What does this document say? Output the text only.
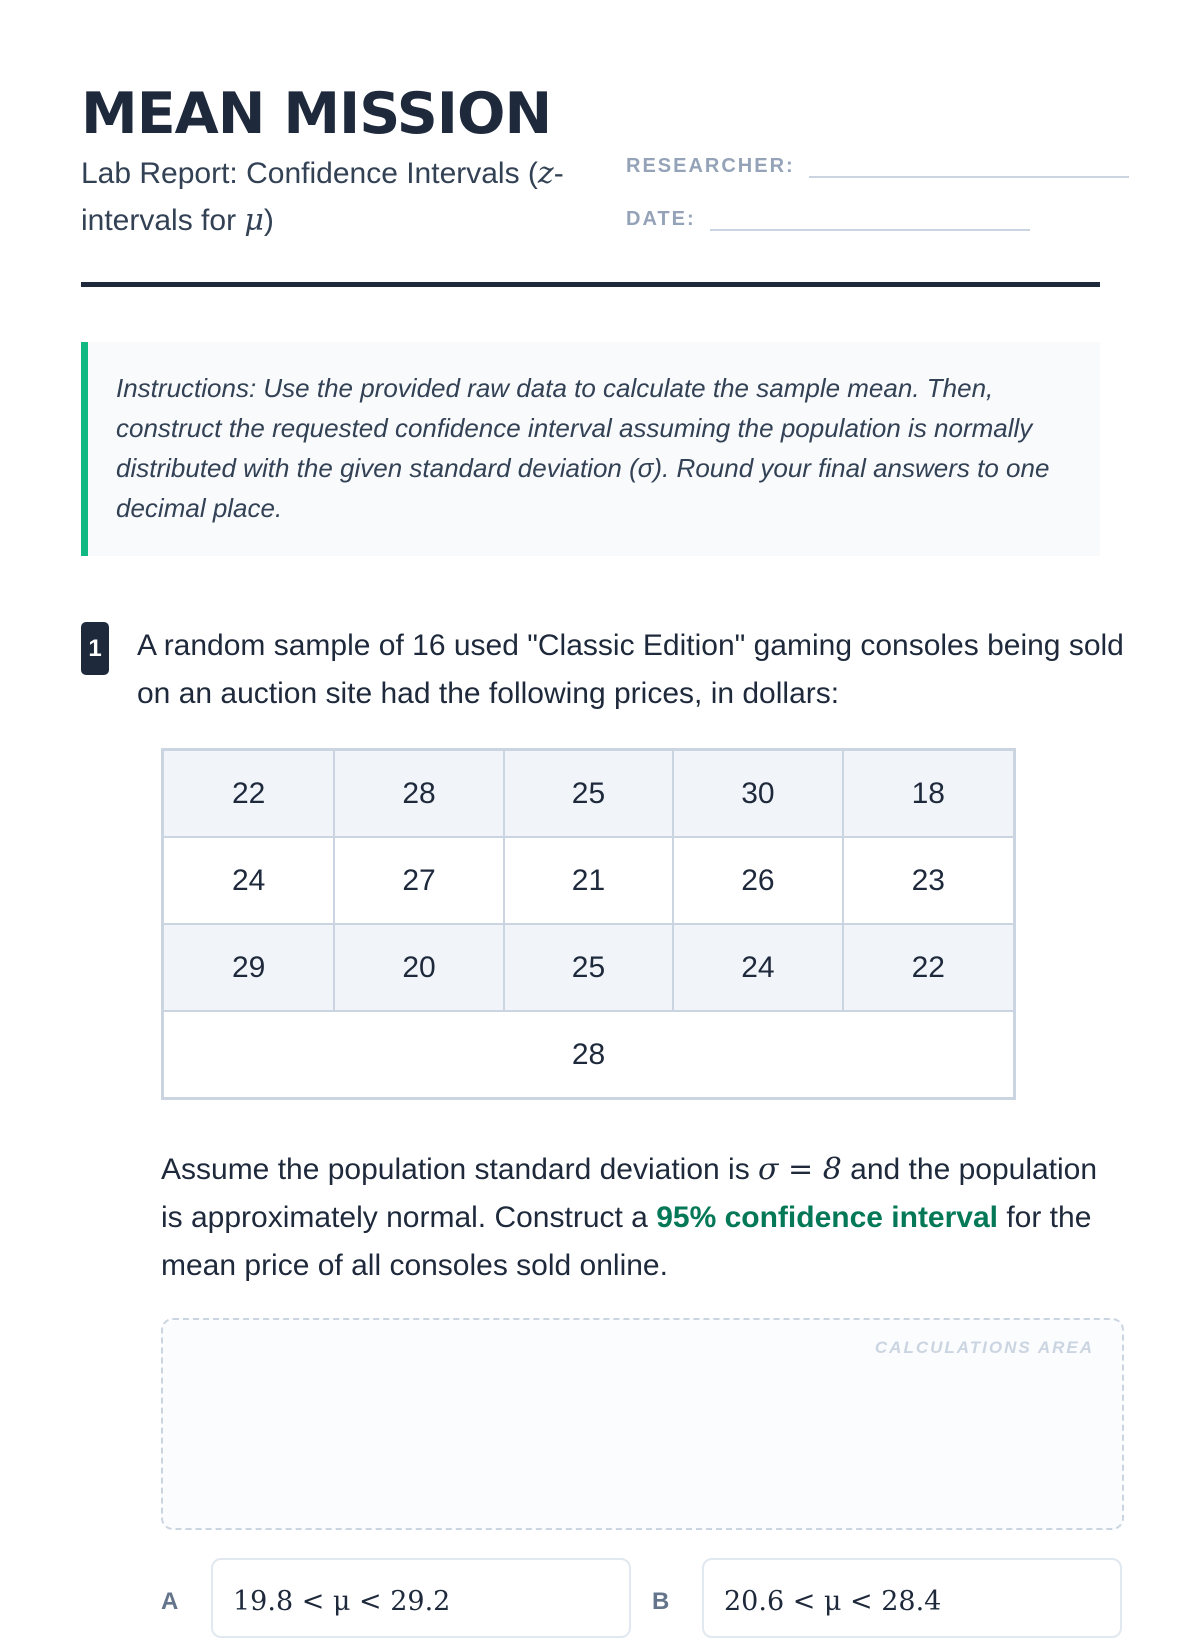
MEAN MISSION
Lab Report: Confidence Intervals (z-intervals for μ)
RESEARCHER:
DATE:
Instructions: Use the provided raw data to calculate the sample mean. Then, construct the requested confidence interval assuming the population is normally distributed with the given standard deviation (σ). Round your final answers to one decimal place.
1 A random sample of 16 used "Classic Edition" gaming consoles being sold on an auction site had the following prices, in dollars:
22	28	25	30	18
24	27	21	26	23
29	20	25	24	22
28				
Assume the population standard deviation is σ = 8 and the population is approximately normal. Construct a 95% confidence interval for the mean price of all consoles sold online.
CALCULATIONS AREA
A	19.8 < μ < 29.2	B	20.6 < μ < 28.4
